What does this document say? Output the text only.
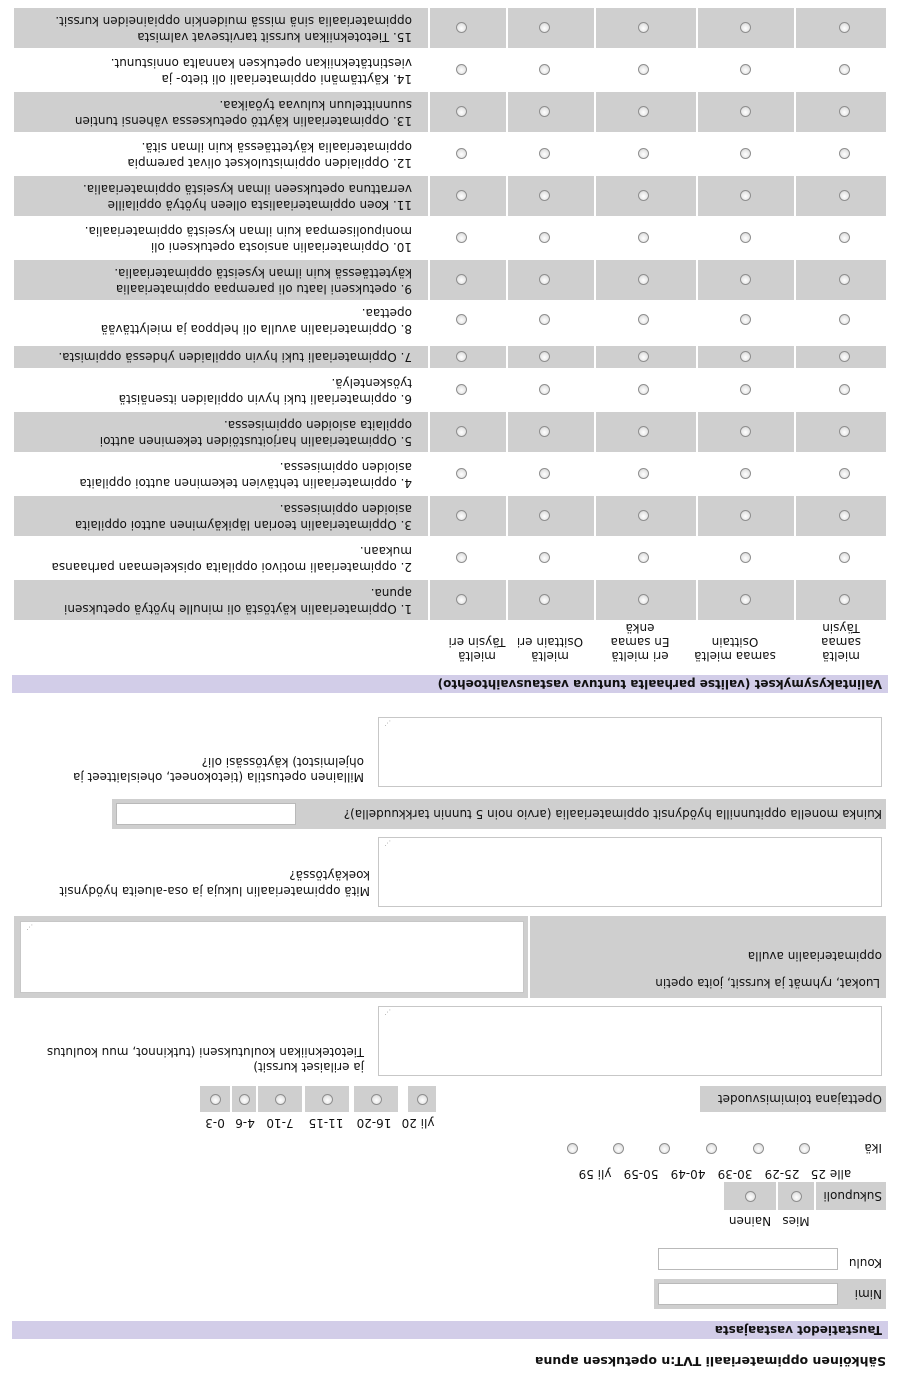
Sähköinen oppimateriaali TVT:n opetuksen apuna
Taustatiedot vastaajasta
Nimi
Koulu
Sukupuoli
Mies
Nainen
Ikä
alle 25
25-29
30-39
40-49
50-59
yli 59
Opettajana toimimisvuodet
yli 20
16-20
11-15
7-10
4-6
0-3
ja erilaiset kurssit)
Tietotekniikan koulutukseni (tutkinnot, muu koulutus
⋰
oppimateriaalin avulla
Luokat, ryhmät ja kurssit, joita opetin
⋰
Mitä oppimateriaalin lukuja ja osa-alueita hyödynsit
koekäytössä?
⋰
Kuinka monella oppitunnilla hyödynsit oppimateriaalia (arvio noin 5 tunnin tarkkuudella)?
Millainen opetustila (tietokoneet, oheislaitteet ja
ohjelmistot) käytössäsi oli?
⋰
Valintakysymykset (valitse parhaalta tuntuva vastausvaihtoehto)
mieltä
samaa
Täysin
samaa mieltä
Osittain
eri mieltä
En samaa enkä
mieltä
Osittain eri
mieltä
Täysin eri
1. Oppimateriaalin käytöstä oli minulle hyötyä opetukseni
apuna.
2. oppimateriaali motivoi oppilaita opiskelemaan parhaansa
mukaan.
3. Oppimateriaalin teorian läpikäyminen auttoi oppilaita
asioiden oppimisessa.
4. oppimateriaalin tehtävien tekeminen auttoi oppilaita
asioiden oppimisessa.
5. Oppimateriaalin harjoitustöiden tekeminen auttoi
oppilaita asioiden oppimisessa.
6. oppimateriaali tuki hyvin oppilaiden itsenäistä
työskentelyä.
7. Oppimateriaali tuki hyvin oppilaiden yhdessä oppimista.
8. Oppimateriaalin avulla oli helppoa ja mielyttävää
opettaa.
9. opetukseni laatu oli parempaa oppimateriaalia
käytettäessä kuin ilman kyseistä oppimateriaalia.
10. Oppimateriaalin ansiosta opetukseni oli
monipuolisempaa kuin ilman kyseistä oppimateriaalia.
11. Koen oppimateriaalista olleen hyötyä oppilaille
verrattuna opetukseen ilman kyseistä oppimateriaalia.
12. Oppilaiden oppimistulokset olivat parempia
oppimateriaalia käytettäessä kuin ilman sitä.
13. Oppimateriaalin käyttö opetuksessa vähensi tuntien
suunnitteluun kuluvaa työaikaa.
14. Käyttämäni oppimateriaali oli tieto- ja
viestintätekniikan opetuksen kannalta onnistunut.
15. Tietotekniikan kurssit tarvitsevat valmista
oppimateriaalia sinä missä muidenkin oppiaineiden kurssit.
